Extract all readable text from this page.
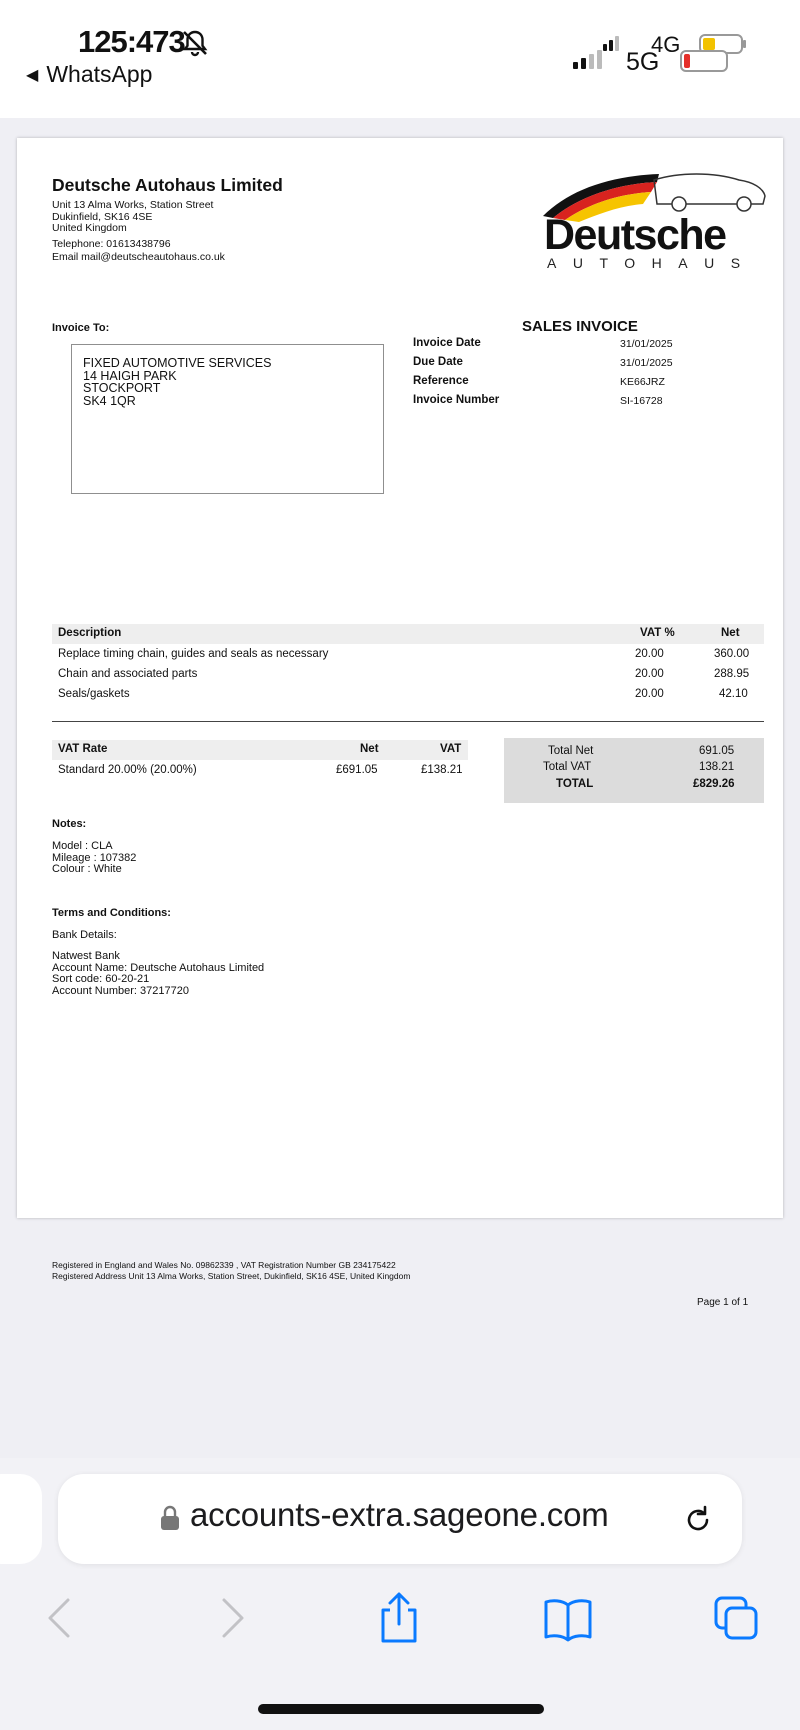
125:473
◀ WhatsApp	5G
4G
Deutsche Autohaus Limited
Unit 13 Alma Works, Station Street
Dukinfield, SK16 4SE
United Kingdom
Telephone: 01613438796
Email mail@deutscheautohaus.co.uk	Deutsche
AUTOHAUS
Invoice To:
FIXED AUTOMOTIVE SERVICES
14 HAIGH PARK
STOCKPORT
SK4 1QR
SALES INVOICE
Invoice Date	31/01/2025
Due Date	31/01/2025
Reference	KE66JRZ
Invoice Number	SI-16728
Description	VAT %	Net
Replace timing chain, guides and seals as necessary	20.00	360.00
Chain and associated parts	20.00	288.95
Seals/gaskets	20.00	42.10
VAT Rate	Net	VAT
Standard 20.00% (20.00%)	£691.05	£138.21
Total Net	691.05
Total VAT	138.21
TOTAL	£829.26
Notes:
Model : CLA
Mileage : 107382
Colour : White
Terms and Conditions:
Bank Details:
Natwest Bank
Account Name: Deutsche Autohaus Limited
Sort code: 60-20-21
Account Number: 37217720
Registered in England and Wales No. 09862339 , VAT Registration Number GB 234175422
Registered Address Unit 13 Alma Works, Station Street, Dukinfield, SK16 4SE, United Kingdom
Page 1 of 1
accounts-extra.sageone.com
